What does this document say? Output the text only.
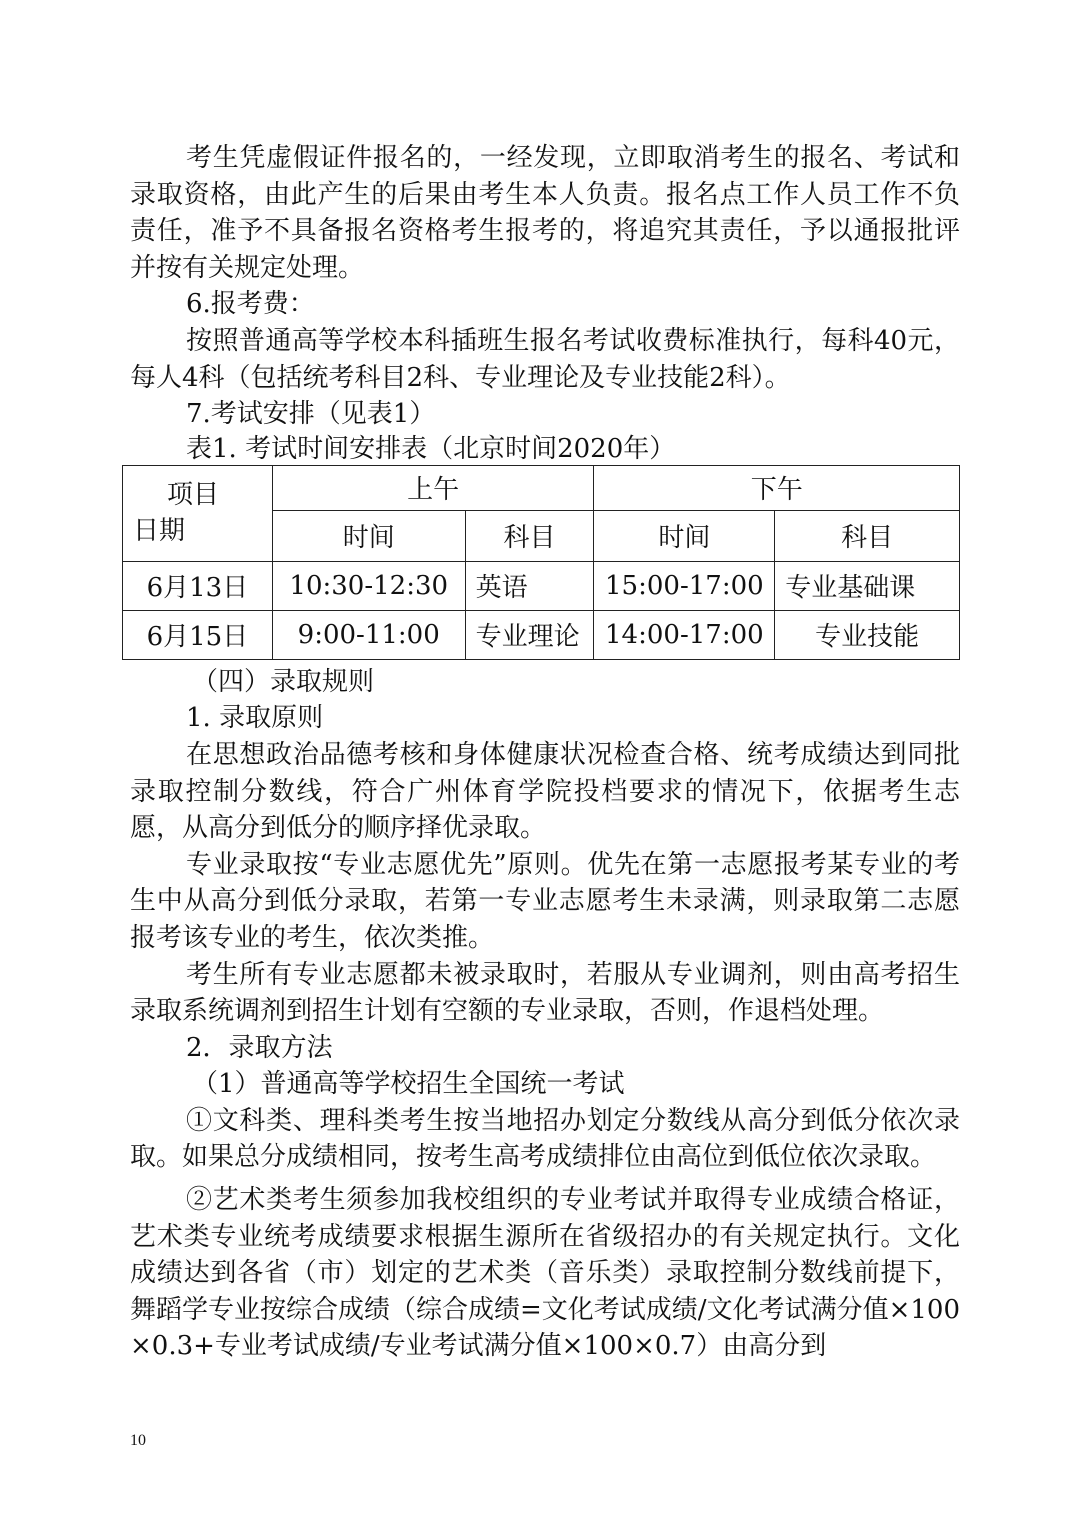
考生凭虚假证件报名的，一经发现，立即取消考生的报名、考试和录取资格，由此产生的后果由考生本人负责。报名点工作人员工作不负责任，准予不具备报名资格考生报考的，将追究其责任，予以通报批评并按有关规定处理。

6.报考费：

按照普通高等学校本科插班生报名考试收费标准执行，每科40元，每人4科（包括统考科目2科、专业理论及专业技能2科）。

7.考试安排（见表1）

表1. 考试时间安排表（北京时间2020年）

项目
日期	上午		下午	
	时间	科目	时间	科目
6月13日	10:30-12:30	英语	15:00-17:00	专业基础课
6月15日	9:00-11:00	专业理论	14:00-17:00	专业技能

（四）录取规则

1. 录取原则

在思想政治品德考核和身体健康状况检查合格、统考成绩达到同批录取控制分数线，符合广州体育学院投档要求的情况下，依据考生志愿，从高分到低分的顺序择优录取。

专业录取按“专业志愿优先”原则。优先在第一志愿报考某专业的考生中从高分到低分录取，若第一专业志愿考生未录满，则录取第二志愿报考该专业的考生，依次类推。

考生所有专业志愿都未被录取时，若服从专业调剂，则由高考招生录取系统调剂到招生计划有空额的专业录取，否则，作退档处理。

2．录取方法

（1）普通高等学校招生全国统一考试

①文科类、理科类考生按当地招办划定分数线从高分到低分依次录取。如果总分成绩相同，按考生高考成绩排位由高位到低位依次录取。

②艺术类考生须参加我校组织的专业考试并取得专业成绩合格证，艺术类专业统考成绩要求根据生源所在省级招办的有关规定执行。文化成绩达到各省（市）划定的艺术类（音乐类）录取控制分数线前提下，舞蹈学专业按综合成绩（综合成绩=文化考试成绩/文化考试满分值×100×0.3+专业考试成绩/专业考试满分值×100×0.7）由高分到

10
